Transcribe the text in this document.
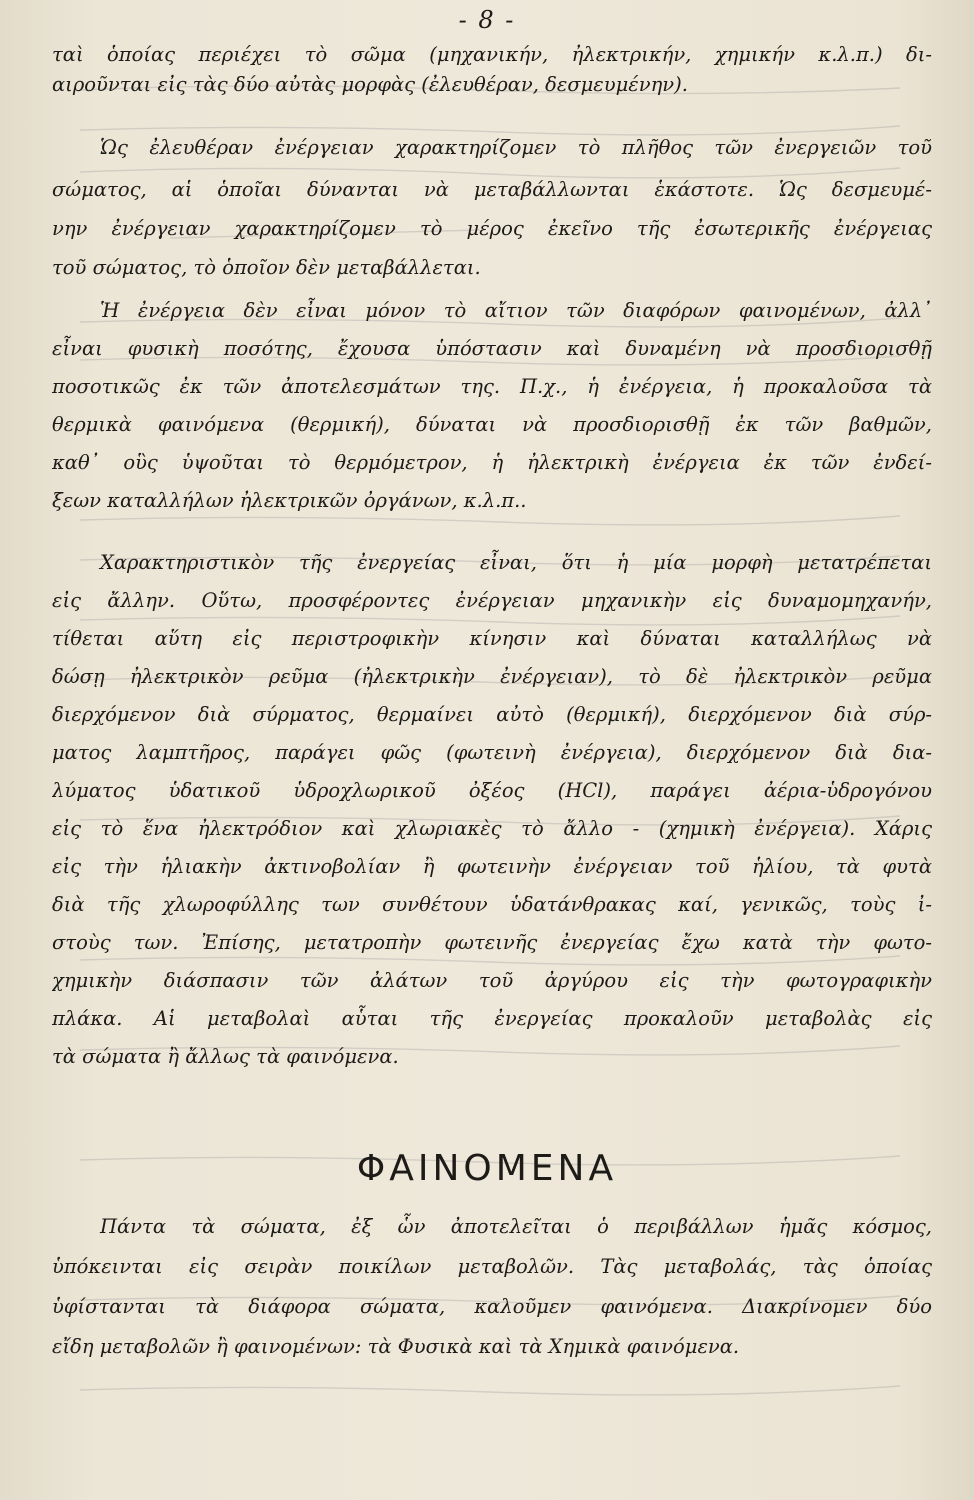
- 8 -
ταὶ ὁποίας περιέχει τὸ σῶμα (μηχανικήν, ἠλεκτρικήν, χημικήν κ.λ.π.) δι-
αιροῦνται εἰς τὰς δύο αὐτὰς μορφὰς (ἐλευθέραν, δεσμευμένην).
Ὡς ἐλευθέραν ἐνέργειαν χαρακτηρίζομεν τὸ πλῆθος τῶν ἐνεργειῶν τοῦ
σώματος, αἱ ὁποῖαι δύνανται νὰ μεταβάλλωνται ἑκάστοτε. Ὡς δεσμευμέ-
νην ἐνέργειαν χαρακτηρίζομεν τὸ μέρος ἐκεῖνο τῆς ἐσωτερικῆς ἐνέργειας
τοῦ σώματος, τὸ ὁποῖον δὲν μεταβάλλεται.
Ἡ ἐνέργεια δὲν εἶναι μόνον τὸ αἴτιον τῶν διαφόρων φαινομένων, ἀλλ᾽
εἶναι φυσικὴ ποσότης, ἔχουσα ὑπόστασιν καὶ δυναμένη νὰ προσδιορισθῇ
ποσοτικῶς ἐκ τῶν ἀποτελεσμάτων της. Π.χ., ἡ ἐνέργεια, ἡ προκαλοῦσα τὰ
θερμικὰ φαινόμενα (θερμική), δύναται νὰ προσδιορισθῇ ἐκ τῶν βαθμῶν,
καθ᾽ οὓς ὑψοῦται τὸ θερμόμετρον, ἡ ἠλεκτρικὴ ἐνέργεια ἐκ τῶν ἐνδεί-
ξεων καταλλήλων ἠλεκτρικῶν ὀργάνων, κ.λ.π..
Χαρακτηριστικὸν τῆς ἐνεργείας εἶναι, ὅτι ἡ μία μορφὴ μετατρέπεται
εἰς ἄλλην. Οὕτω, προσφέροντες ἐνέργειαν μηχανικὴν εἰς δυναμομηχανήν,
τίθεται αὕτη εἰς περιστροφικὴν κίνησιν καὶ δύναται καταλλήλως νὰ
δώσῃ ἠλεκτρικὸν ρεῦμα (ἠλεκτρικὴν ἐνέργειαν), τὸ δὲ ἠλεκτρικὸν ρεῦμα
διερχόμενον διὰ σύρματος, θερμαίνει αὐτὸ (θερμική), διερχόμενον διὰ σύρ-
ματος λαμπτῆρος, παράγει φῶς (φωτεινὴ ἐνέργεια), διερχόμενον διὰ δια-
λύματος ὑδατικοῦ ὑδροχλωρικοῦ ὀξέος (HCl), παράγει ἀέρια-ὑδρογόνου
εἰς τὸ ἕνα ἠλεκτρόδιον καὶ χλωριακὲς τὸ ἄλλο - (χημικὴ ἐνέργεια). Χάρις
εἰς τὴν ἡλιακὴν ἀκτινοβολίαν ἢ φωτεινὴν ἐνέργειαν τοῦ ἡλίου, τὰ φυτὰ
διὰ τῆς χλωροφύλλης των συνθέτουν ὑδατάνθρακας καί, γενικῶς, τοὺς ἰ-
στοὺς των. Ἐπίσης, μετατροπὴν φωτεινῆς ἐνεργείας ἔχω κατὰ τὴν φωτο-
χημικὴν διάσπασιν τῶν ἀλάτων τοῦ ἀργύρου εἰς τὴν φωτογραφικὴν
πλάκα. Αἱ μεταβολαὶ αὗται τῆς ἐνεργείας προκαλοῦν μεταβολὰς εἰς
τὰ σώματα ἢ ἄλλως τὰ φαινόμενα.
ΦΑΙΝΟΜΕΝΑ
Πάντα τὰ σώματα, ἐξ ὧν ἀποτελεῖται ὁ περιβάλλων ἡμᾶς κόσμος,
ὑπόκεινται εἰς σειρὰν ποικίλων μεταβολῶν. Τὰς μεταβολάς, τὰς ὁποίας
ὑφίστανται τὰ διάφορα σώματα, καλοῦμεν φαινόμενα. Διακρίνομεν δύο
εἴδη μεταβολῶν ἢ φαινομένων: τὰ Φυσικὰ καὶ τὰ Χημικὰ φαινόμενα.
